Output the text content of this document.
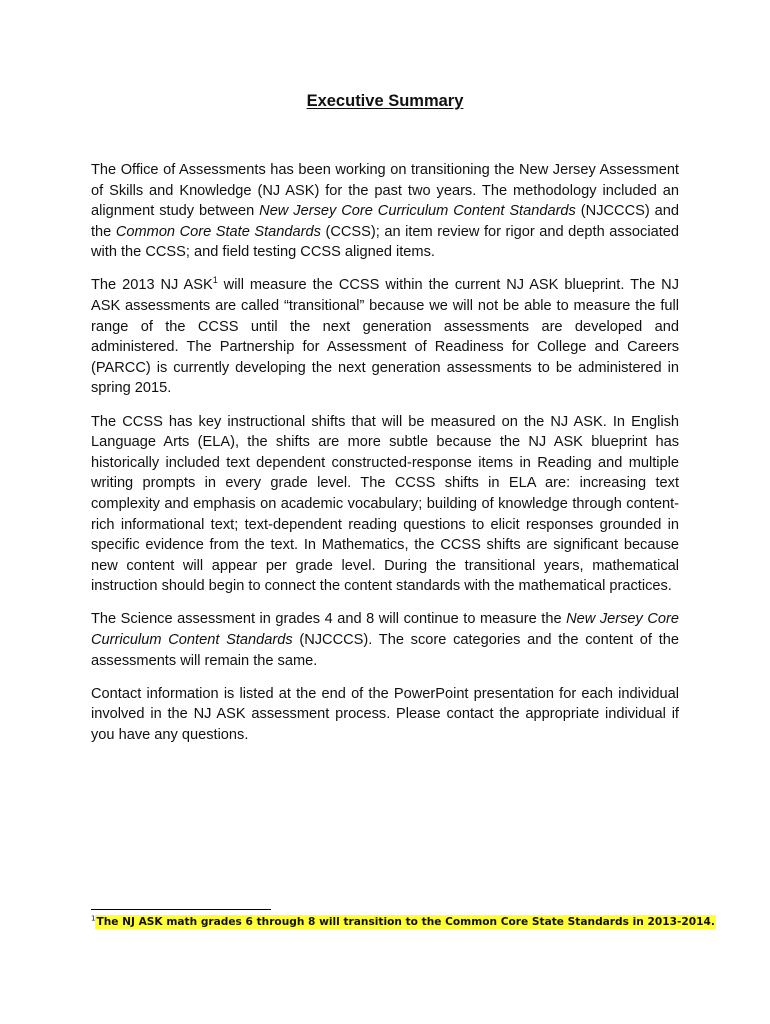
Executive Summary

The Office of Assessments has been working on transitioning the New Jersey Assessment of Skills and Knowledge (NJ ASK) for the past two years. The methodology included an alignment study between New Jersey Core Curriculum Content Standards (NJCCCS) and the Common Core State Standards (CCSS); an item review for rigor and depth associated with the CCSS; and field testing CCSS aligned items.

The 2013 NJ ASK$^1$ will measure the CCSS within the current NJ ASK blueprint. The NJ ASK assessments are called “transitional” because we will not be able to measure the full range of the CCSS until the next generation assessments are developed and administered. The Partnership for Assessment of Readiness for College and Careers (PARCC) is currently developing the next generation assessments to be administered in spring 2015.

The CCSS has key instructional shifts that will be measured on the NJ ASK. In English Language Arts (ELA), the shifts are more subtle because the NJ ASK blueprint has historically included text dependent constructed-response items in Reading and multiple writing prompts in every grade level. The CCSS shifts in ELA are: increasing text complexity and emphasis on academic vocabulary; building of knowledge through content-rich informational text; text-dependent reading questions to elicit responses grounded in specific evidence from the text. In Mathematics, the CCSS shifts are significant because new content will appear per grade level. During the transitional years, mathematical instruction should begin to connect the content standards with the mathematical practices.

The Science assessment in grades 4 and 8 will continue to measure the New Jersey Core Curriculum Content Standards (NJCCCS). The score categories and the content of the assessments will remain the same.

Contact information is listed at the end of the PowerPoint presentation for each individual involved in the NJ ASK assessment process. Please contact the appropriate individual if you have any questions.

$^1$The NJ ASK math grades 6 through 8 will transition to the Common Core State Standards in 2013-2014.
